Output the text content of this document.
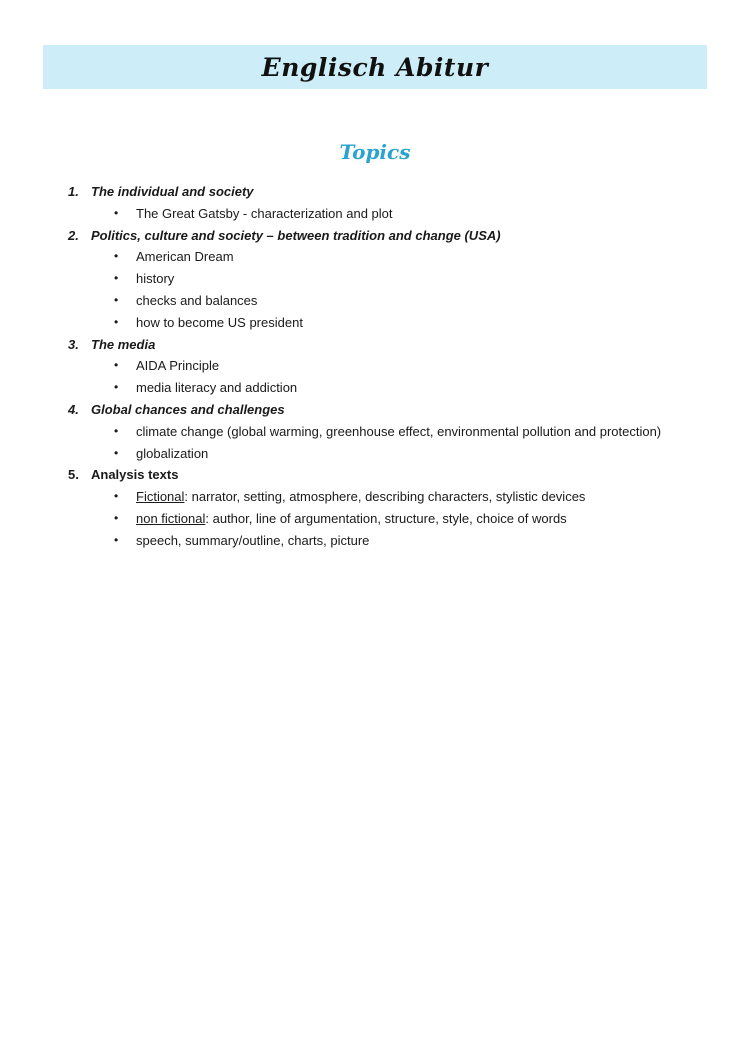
Englisch Abitur
Topics
1. The individual and society
• The Great Gatsby - characterization and plot
2. Politics, culture and society – between tradition and change (USA)
• American Dream
• history
• checks and balances
• how to become US president
3. The media
• AIDA Principle
• media literacy and addiction
4. Global chances and challenges
• climate change (global warming, greenhouse effect, environmental pollution and protection)
• globalization
5. Analysis texts
• Fictional: narrator, setting, atmosphere, describing characters, stylistic devices
• non fictional: author, line of argumentation, structure, style, choice of words
• speech, summary/outline, charts, picture
